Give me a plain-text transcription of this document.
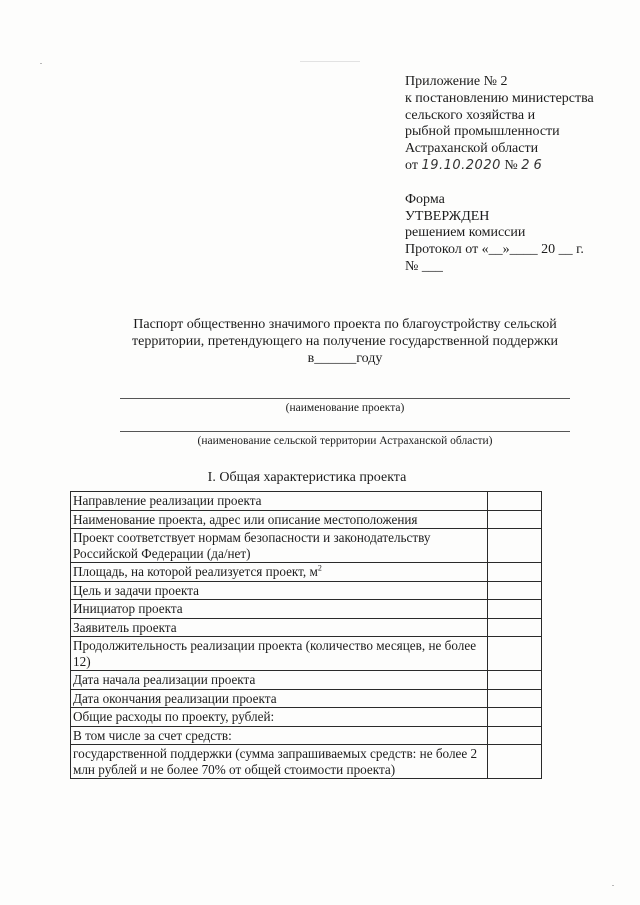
Приложение № 2
к постановлению министерства
сельского хозяйства и
рыбной промышленности
Астраханской области
от 19.10.2020 № 26
Форма
УТВЕРЖДЕН
решением комиссии
Протокол от «__»____ 20 __ г.
№ ___
Паспорт общественно значимого проекта по благоустройству сельской
территории, претендующего на получение государственной поддержки
в______году
(наименование проекта)
(наименование сельской территории Астраханской области)
I. Общая характеристика проекта
Направление реализации проекта	
Наименование проекта, адрес или описание местоположения	
Проект соответствует нормам безопасности и законодательству Российской Федерации (да/нет)	
Площадь, на которой реализуется проект, $м^2$	
Цель и задачи проекта	
Инициатор проекта	
Заявитель проекта	
Продолжительность реализации проекта (количество месяцев, не более 12)	
Дата начала реализации проекта	
Дата окончания реализации проекта	
Общие расходы по проекту, рублей:	
В том числе за счет средств:	
государственной поддержки (сумма запрашиваемых средств: не более 2 млн рублей и не более 70% от общей стоимости проекта)	
